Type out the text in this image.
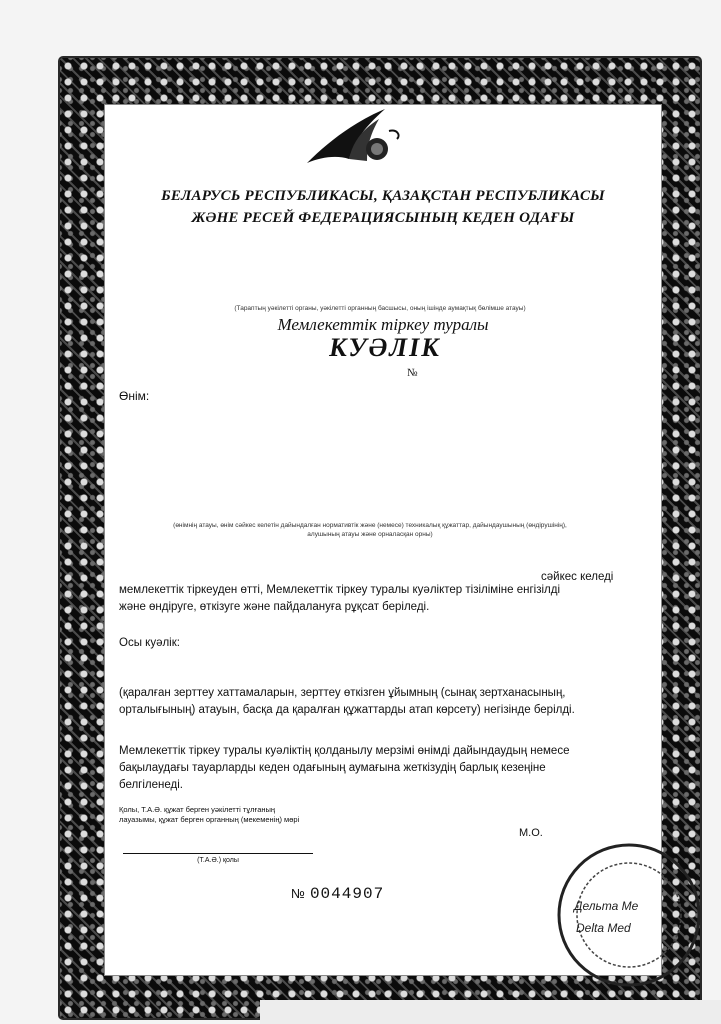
БЕЛАРУСЬ РЕСПУБЛИКАСЫ, ҚАЗАҚСТАН РЕСПУБЛИКАСЫ
ЖӘНЕ РЕСЕЙ ФЕДЕРАЦИЯСЫНЫҢ КЕДЕН ОДАҒЫ
(Тараптың уәкілетті органы, уәкілетті органның басшысы, оның ішінде аумақтық бөлімше атауы)
Мемлекеттік тіркеу туралы
КУӘЛІК
№
Өнім:
(өнімнің атауы, өнім сәйкес келетін дайындалған нормативтік және (немесе) техникалық құжаттар, дайындаушының (өндірушінің),
алушының атауы және орналасқан орны)
сәйкес келеді
мемлекеттік тіркеуден өтті, Мемлекеттік тіркеу туралы куәліктер тізіліміне енгізілді және өндіруге, өткізуге және пайдалануға рұқсат беріледі.
Осы куәлік:
(қаралған зерттеу хаттамаларын, зерттеу өткізген ұйымның (сынақ зертханасының, орталығының) атауын, басқа да қаралған құжаттарды атап көрсету) негізінде берілді.
Мемлекеттік тіркеу туралы куәліктің қолданылу мерзімі өнімді дайындаудың немесе бақылаудағы тауарларды кеден одағының аумағына жеткізудің барлық кезеңіне белгіленеді.
Қолы, Т.А.Ә. құжат берген уәкілетті тұлғаның лауазымы, құжат берген органның (мекеменің) мөрі
М.О.
(Т.А.Ә.) қолы
№ 0044907
Дельта Ме
Delta Med
